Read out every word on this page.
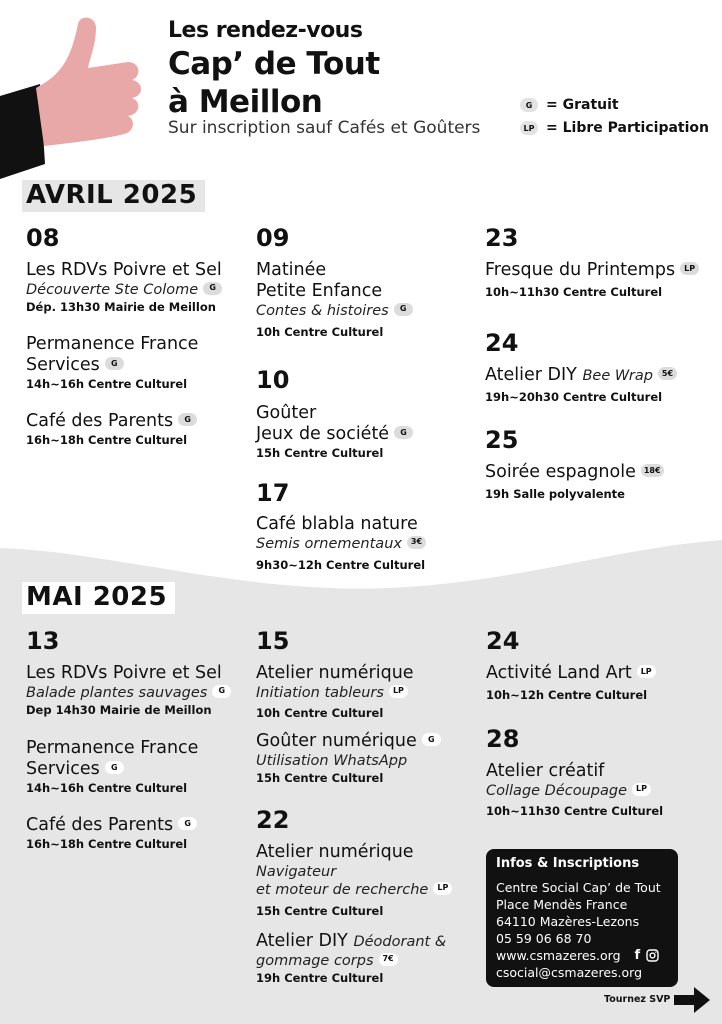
Les rendez-vous
Cap’ de Tout
à Meillon
Sur inscription sauf Cafés et Goûters
G = Gratuit
LP = Libre Participation
AVRIL 2025
08
Les RDVs Poivre et Sel
Découverte Ste Colome G
Dép. 13h30 Mairie de Meillon
Permanence France
Services G
14h~16h Centre Culturel
Café des Parents G
16h~18h Centre Culturel
09
Matinée
Petite Enfance
Contes & histoires G
10h Centre Culturel
10
Goûter
Jeux de société G
15h Centre Culturel
17
Café blabla nature
Semis ornementaux 3€
9h30~12h Centre Culturel
23
Fresque du Printemps LP
10h~11h30 Centre Culturel
24
Atelier DIY Bee Wrap 5€
19h~20h30 Centre Culturel
25
Soirée espagnole 18€
19h Salle polyvalente
MAI 2025
13
Les RDVs Poivre et Sel
Balade plantes sauvages G
Dep 14h30 Mairie de Meillon
Permanence France
Services G
14h~16h Centre Culturel
Café des Parents G
16h~18h Centre Culturel
15
Atelier numérique
Initiation tableurs LP
10h Centre Culturel
Goûter numérique G
Utilisation WhatsApp
15h Centre Culturel
22
Atelier numérique
Navigateur
et moteur de recherche LP
15h Centre Culturel
Atelier DIY Déodorant &
gommage corps 7€
19h Centre Culturel
24
Activité Land Art LP
10h~12h Centre Culturel
28
Atelier créatif
Collage Découpage LP
10h~11h30 Centre Culturel
Infos & Inscriptions
Centre Social Cap’ de Tout
Place Mendès France
64110 Mazères-Lezons
05 59 06 68 70
www.csmazeres.org f
csocial@csmazeres.org
Tournez SVP
